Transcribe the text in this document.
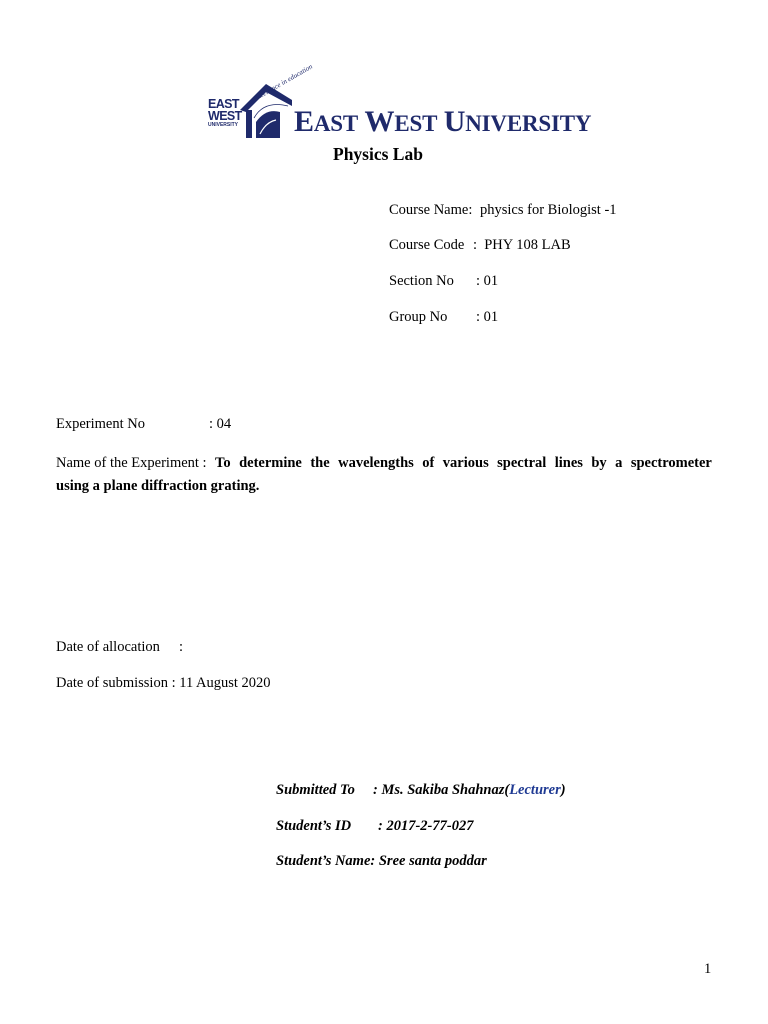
EAST
WEST
UNIVERSITY
Excellence in education
EAST WEST UNIVERSITY
Physics Lab
Course Name: physics for Biologist -1
Course Code :  PHY 108 LAB
Section No : 01
Group No : 01
Experiment No	: 04
Name of the Experiment : To determine the wavelengths of various spectral lines by a spectrometer
using a plane diffraction grating.
Date of allocation :
Date of submission : 11 August 2020
Submitted To : Ms. Sakiba Shahnaz(Lecturer)
Student’s ID : 2017-2-77-027
Student’s Name: Sree santa poddar
1
